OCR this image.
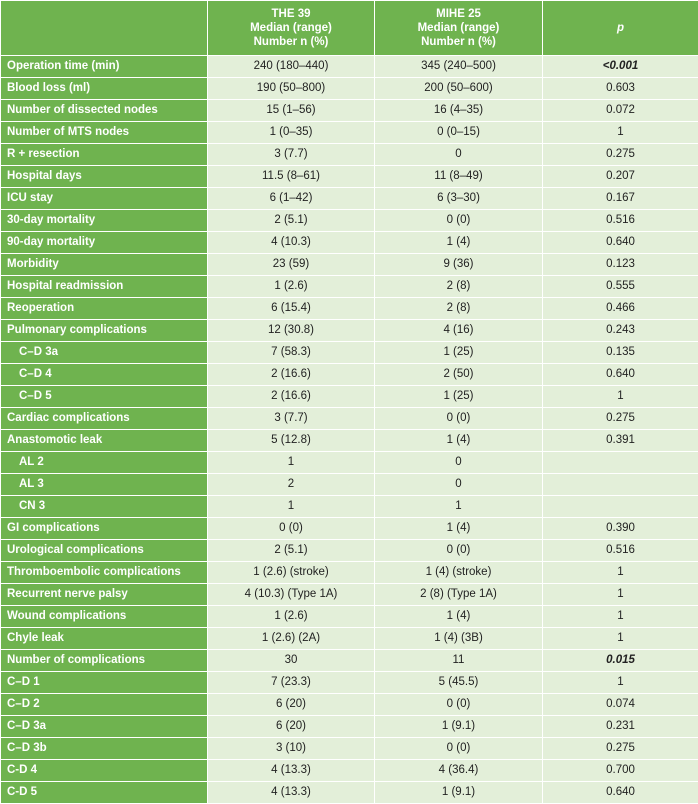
	THE 39
Median (range)
Number n (%)	MIHE 25
Median (range)
Number n (%)	p
Operation time (min)	240 (180–440)	345 (240–500)	<0.001
Blood loss (ml)	190 (50–800)	200 (50–600)	0.603
Number of dissected nodes	15 (1–56)	16 (4–35)	0.072
Number of MTS nodes	1 (0–35)	0 (0–15)	1
R + resection	3 (7.7)	0	0.275
Hospital days	11.5 (8–61)	11 (8–49)	0.207
ICU stay	6 (1–42)	6 (3–30)	0.167
30-day mortality	2 (5.1)	0 (0)	0.516
90-day mortality	4 (10.3)	1 (4)	0.640
Morbidity	23 (59)	9 (36)	0.123
Hospital readmission	1 (2.6)	2 (8)	0.555
Reoperation	6 (15.4)	2 (8)	0.466
Pulmonary complications	12 (30.8)	4 (16)	0.243
C–D 3a	7 (58.3)	1 (25)	0.135
C–D 4	2 (16.6)	2 (50)	0.640
C–D 5	2 (16.6)	1 (25)	1
Cardiac complications	3 (7.7)	0 (0)	0.275
Anastomotic leak	5 (12.8)	1 (4)	0.391
AL 2	1	0	
AL 3	2	0	
CN 3	1	1	
GI complications	0 (0)	1 (4)	0.390
Urological complications	2 (5.1)	0 (0)	0.516
Thromboembolic complications	1 (2.6) (stroke)	1 (4) (stroke)	1
Recurrent nerve palsy	4 (10.3) (Type 1A)	2 (8) (Type 1A)	1
Wound complications	1 (2.6)	1 (4)	1
Chyle leak	1 (2.6) (2A)	1 (4) (3B)	1
Number of complications	30	11	0.015
C–D 1	7 (23.3)	5 (45.5)	1
C–D 2	6 (20)	0 (0)	0.074
C–D 3a	6 (20)	1 (9.1)	0.231
C–D 3b	3 (10)	0 (0)	0.275
C-D 4	4 (13.3)	4 (36.4)	0.700
C-D 5	4 (13.3)	1 (9.1)	0.640
